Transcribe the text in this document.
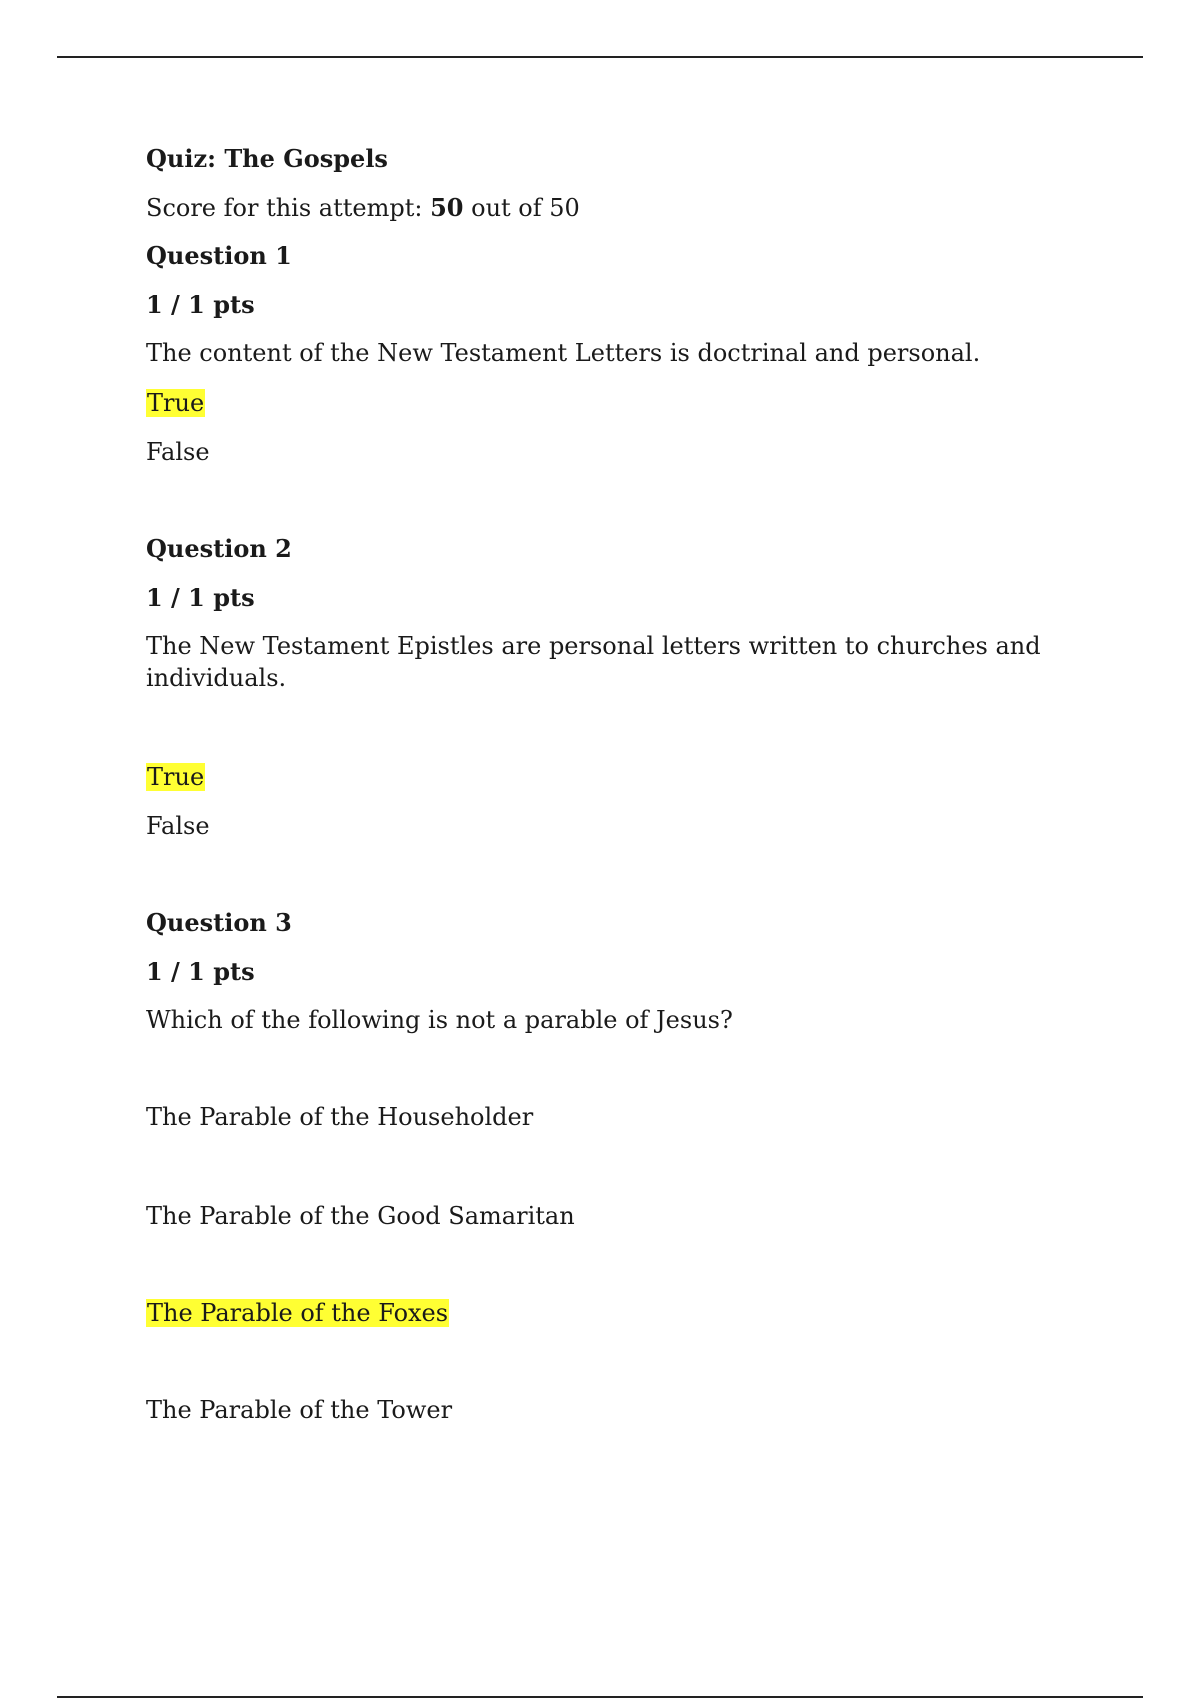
Quiz: The Gospels

Score for this attempt: 50 out of 50

Question 1

1 / 1 pts

The content of the New Testament Letters is doctrinal and personal.

True

False

Question 2

1 / 1 pts

The New Testament Epistles are personal letters written to churches and individuals.

True

False

Question 3

1 / 1 pts

Which of the following is not a parable of Jesus?

The Parable of the Householder

The Parable of the Good Samaritan

The Parable of the Foxes

The Parable of the Tower
